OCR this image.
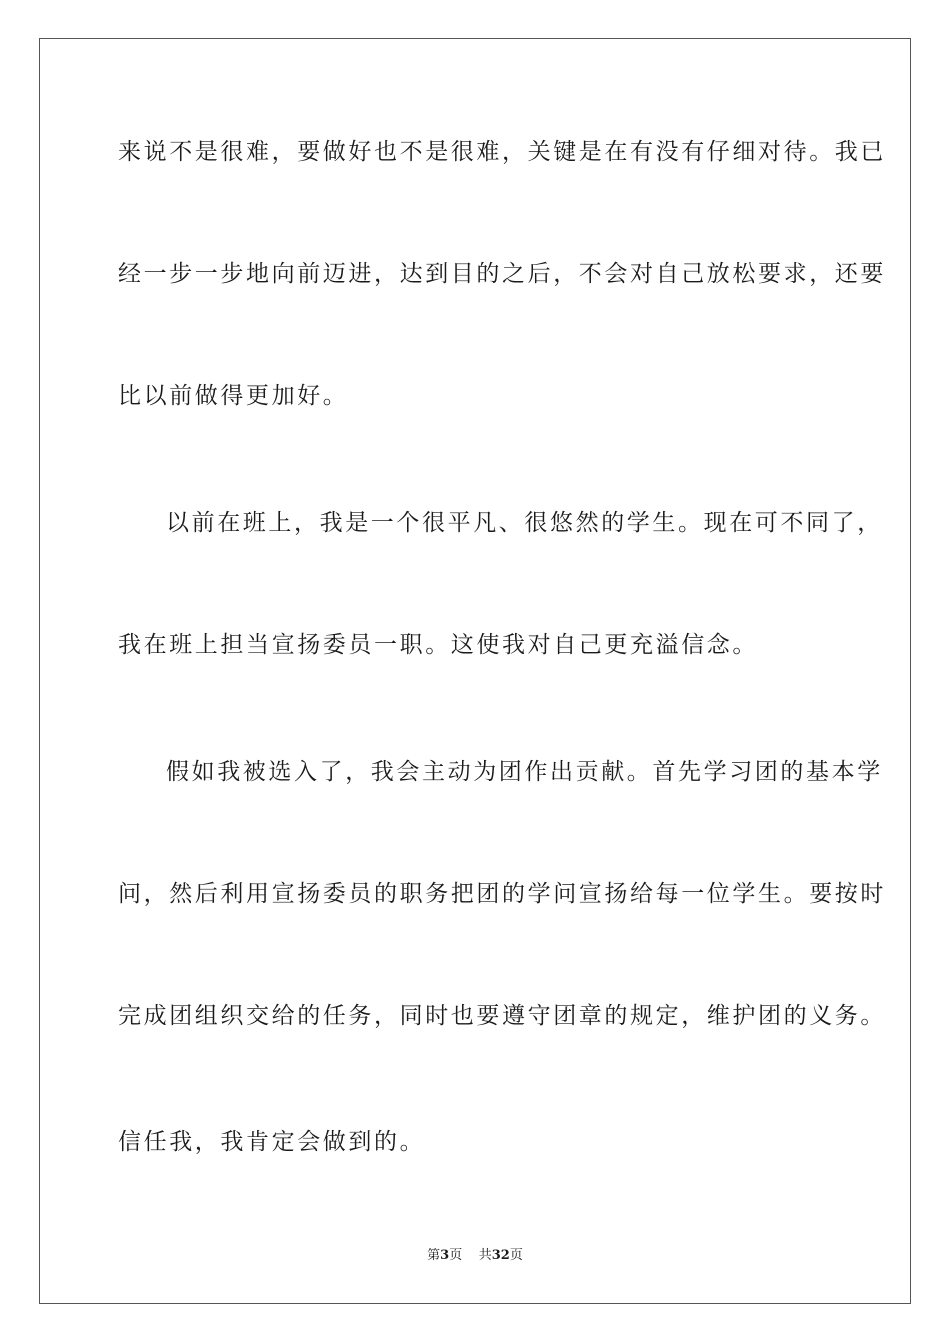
来说不是很难，要做好也不是很难，关键是在有没有仔细对待。我已
经一步一步地向前迈进，达到目的之后，不会对自己放松要求，还要
比以前做得更加好。
以前在班上，我是一个很平凡、很悠然的学生。现在可不同了，
我在班上担当宣扬委员一职。这使我对自己更充溢信念。
假如我被选入了，我会主动为团作出贡献。首先学习团的基本学
问，然后利用宣扬委员的职务把团的学问宣扬给每一位学生。要按时
完成团组织交给的任务，同时也要遵守团章的规定，维护团的义务。
信任我，我肯定会做到的。
第3页 共32页
